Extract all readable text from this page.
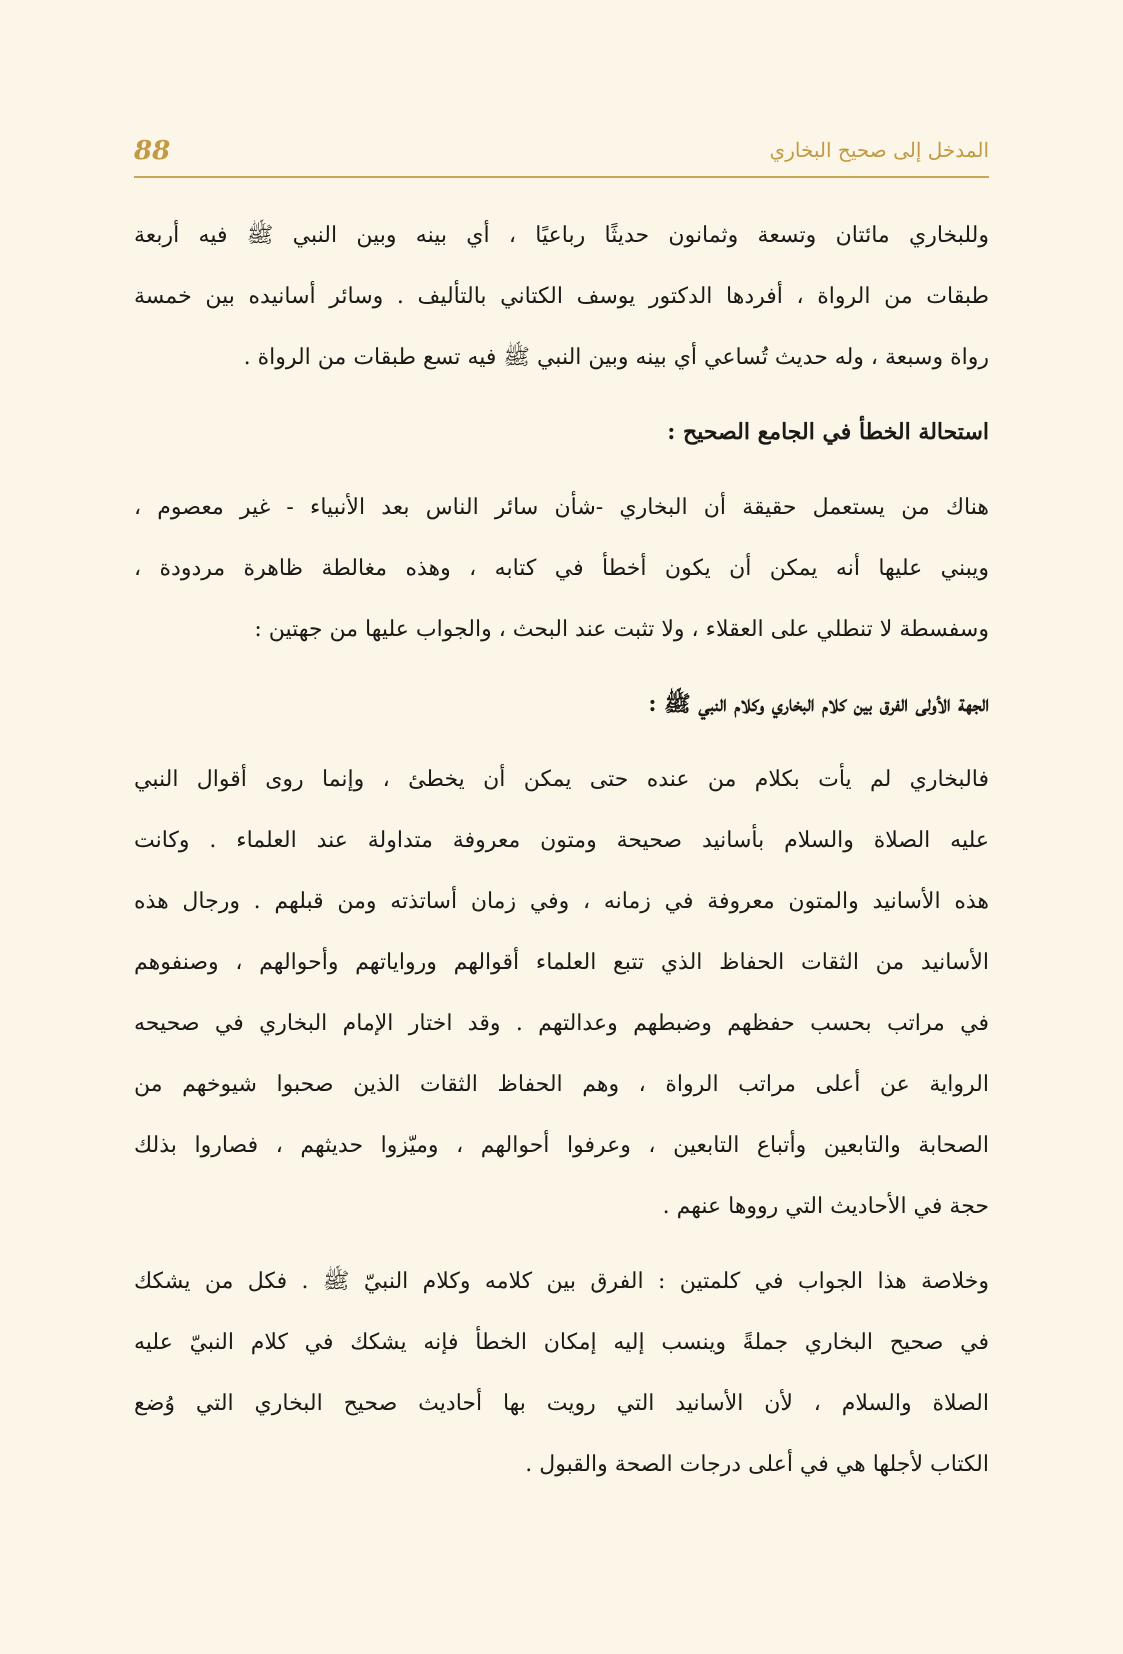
88	المدخل إلى صحيح البخاري
وللبخاري مائتان وتسعة وثمانون حديثًا رباعيًا ، أي بينه وبين النبي ﷺ فيه أربعة
طبقات من الرواة ، أفردها الدكتور يوسف الكتاني بالتأليف . وسائر أسانيده بين خمسة
رواة وسبعة ، وله حديث تُساعي أي بينه وبين النبي ﷺ فيه تسع طبقات من الرواة .
استحالة الخطأ في الجامع الصحيح :
هناك من يستعمل حقيقة أن البخاري -شأن سائر الناس بعد الأنبياء - غير معصوم ،
ويبني عليها أنه يمكن أن يكون أخطأ في كتابه ، وهذه مغالطة ظاهرة مردودة ،
وسفسطة لا تنطلي على العقلاء ، ولا تثبت عند البحث ، والجواب عليها من جهتين :
الجهة الأولى الفرق بين كلام البخاري وكلام النبي ﷺ :
فالبخاري لم يأت بكلام من عنده حتى يمكن أن يخطئ ، وإنما روى أقوال النبي
عليه الصلاة والسلام بأسانيد صحيحة ومتون معروفة متداولة عند العلماء . وكانت
هذه الأسانيد والمتون معروفة في زمانه ، وفي زمان أساتذته ومن قبلهم . ورجال هذه
الأسانيد من الثقات الحفاظ الذي تتبع العلماء أقوالهم ورواياتهم وأحوالهم ، وصنفوهم
في مراتب بحسب حفظهم وضبطهم وعدالتهم . وقد اختار الإمام البخاري في صحيحه
الرواية عن أعلى مراتب الرواة ، وهم الحفاظ الثقات الذين صحبوا شيوخهم من
الصحابة والتابعين وأتباع التابعين ، وعرفوا أحوالهم ، وميّزوا حديثهم ، فصاروا بذلك
حجة في الأحاديث التي رووها عنهم .
وخلاصة هذا الجواب في كلمتين : الفرق بين كلامه وكلام النبيّ ﷺ . فكل من يشكك
في صحيح البخاري جملةً وينسب إليه إمكان الخطأ فإنه يشكك في كلام النبيّ عليه
الصلاة والسلام ، لأن الأسانيد التي رويت بها أحاديث صحيح البخاري التي وُضع
الكتاب لأجلها هي في أعلى درجات الصحة والقبول .
